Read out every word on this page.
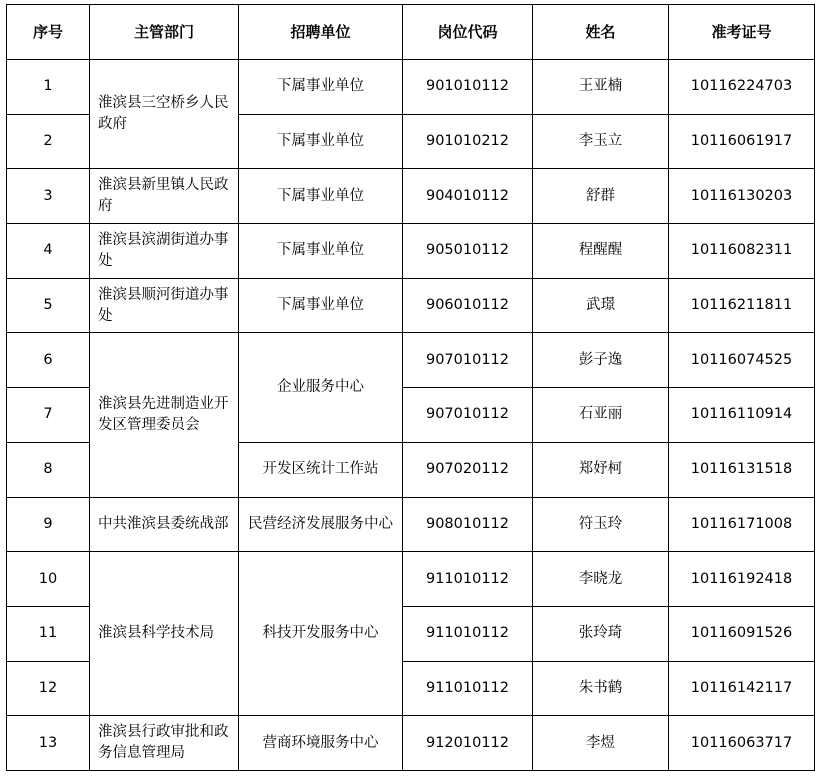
序号	主管部门	招聘单位	岗位代码	姓名	准考证号
1	淮滨县三空桥乡人民政府	下属事业单位	901010112	王亚楠	10116224703
2		下属事业单位	901010212	李玉立	10116061917
3	淮滨县新里镇人民政府	下属事业单位	904010112	舒群	10116130203
4	淮滨县滨湖街道办事处	下属事业单位	905010112	程醒醒	10116082311
5	淮滨县顺河街道办事处	下属事业单位	906010112	武璟	10116211811
6	淮滨县先进制造业开发区管理委员会	企业服务中心	907010112	彭子逸	10116074525
7			907010112	石亚丽	10116110914
8		开发区统计工作站	907020112	郑妤柯	10116131518
9	中共淮滨县委统战部	民营经济发展服务中心	908010112	符玉玲	10116171008
10	淮滨县科学技术局	科技开发服务中心	911010112	李晓龙	10116192418
11			911010112	张玲琦	10116091526
12			911010112	朱书鹤	10116142117
13	淮滨县行政审批和政务信息管理局	营商环境服务中心	912010112	李煜	10116063717
